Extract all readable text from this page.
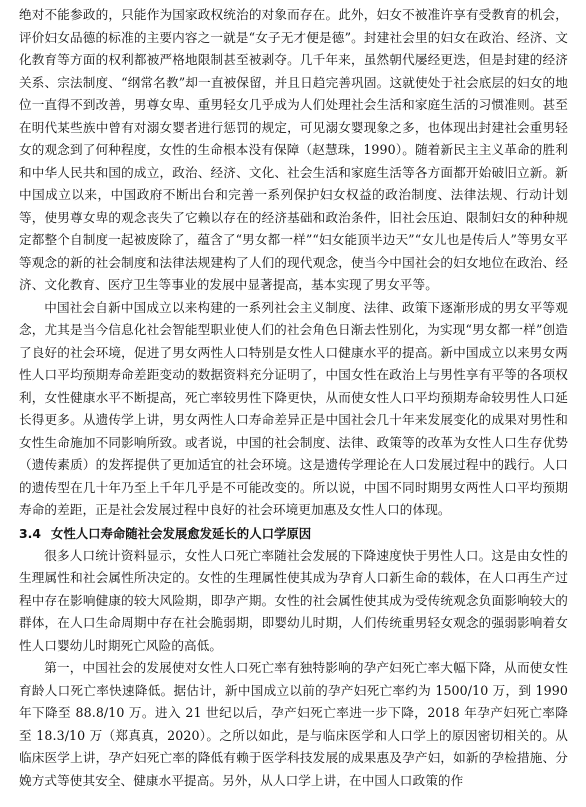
绝对不能参政的，只能作为国家政权统治的对象而存在。此外，妇女不被准许享有受教育的机会，评价妇女品德的标准的主要内容之一就是“女子无才便是德”。封建社会里的妇女在政治、经济、文化教育等方面的权利都被严格地限制甚至被剥夺。几千年来，虽然朝代屡经更迭，但是封建的经济关系、宗法制度、“纲常名教”却一直被保留，并且日趋完善巩固。这就使处于社会底层的妇女的地位一直得不到改善，男尊女卑、重男轻女几乎成为人们处理社会生活和家庭生活的习惯准则。甚至在明代某些族中曾有对溺女婴者进行惩罚的规定，可见溺女婴现象之多，也体现出封建社会重男轻女的观念到了何种程度，女性的生命根本没有保障（赵慧珠，1990）。随着新民主主义革命的胜利和中华人民共和国的成立，政治、经济、文化、社会生活和家庭生活等各方面都开始破旧立新。新中国成立以来，中国政府不断出台和完善一系列保护妇女权益的政治制度、法律法规、行动计划等，使男尊女卑的观念丧失了它赖以存在的经济基础和政治条件，旧社会压迫、限制妇女的种种规定都整个自制度一起被废除了，蕴含了“男女都一样”“妇女能顶半边天”“女儿也是传后人”等男女平等观念的新的社会制度和法律法规建构了人们的现代观念，使当今中国社会的妇女地位在政治、经济、文化教育、医疗卫生等事业的发展中显著提高，基本实现了男女平等。

中国社会自新中国成立以来构建的一系列社会主义制度、法律、政策下逐渐形成的男女平等观念，尤其是当今信息化社会智能型职业使人们的社会角色日渐去性别化，为实现“男女都一样”创造了良好的社会环境，促进了男女两性人口特别是女性人口健康水平的提高。新中国成立以来男女两性人口平均预期寿命差距变动的数据资料充分证明了，中国女性在政治上与男性享有平等的各项权利，女性健康水平不断提高，死亡率较男性下降更快，从而使女性人口平均预期寿命较男性人口延长得更多。从遗传学上讲，男女两性人口寿命差异正是中国社会几十年来发展变化的成果对男性和女性生命施加不同影响所致。或者说，中国的社会制度、法律、政策等的改革为女性人口生存优势（遗传素质）的发挥提供了更加适宜的社会环境。这是遗传学理论在人口发展过程中的践行。人口的遗传型在几十年乃至上千年几乎是不可能改变的。所以说，中国不同时期男女两性人口平均预期寿命的差距，正是社会发展过程中良好的社会环境更加惠及女性人口的体现。

3.4 女性人口寿命随社会发展愈发延长的人口学原因

很多人口统计资料显示，女性人口死亡率随社会发展的下降速度快于男性人口。这是由女性的生理属性和社会属性所决定的。女性的生理属性使其成为孕育人口新生命的载体，在人口再生产过程中存在影响健康的较大风险期，即孕产期。女性的社会属性使其成为受传统观念负面影响较大的群体，在人口生命周期中存在社会脆弱期，即婴幼儿时期，人们传统重男轻女观念的强弱影响着女性人口婴幼儿时期死亡风险的高低。

第一，中国社会的发展使对女性人口死亡率有独特影响的孕产妇死亡率大幅下降，从而使女性育龄人口死亡率快速降低。据估计，新中国成立以前的孕产妇死亡率约为 1500/10 万，到 1990 年下降至 88.8/10 万。进入 21 世纪以后，孕产妇死亡率进一步下降，2018 年孕产妇死亡率降至 18.3/10 万（郑真真，2020）。之所以如此，是与临床医学和人口学上的原因密切相关的。从临床医学上讲，孕产妇死亡率的降低有赖于医学科技发展的成果惠及孕产妇，如新的孕检措施、分娩方式等使其安全、健康水平提高。另外，从人口学上讲，在中国人口政策的作
